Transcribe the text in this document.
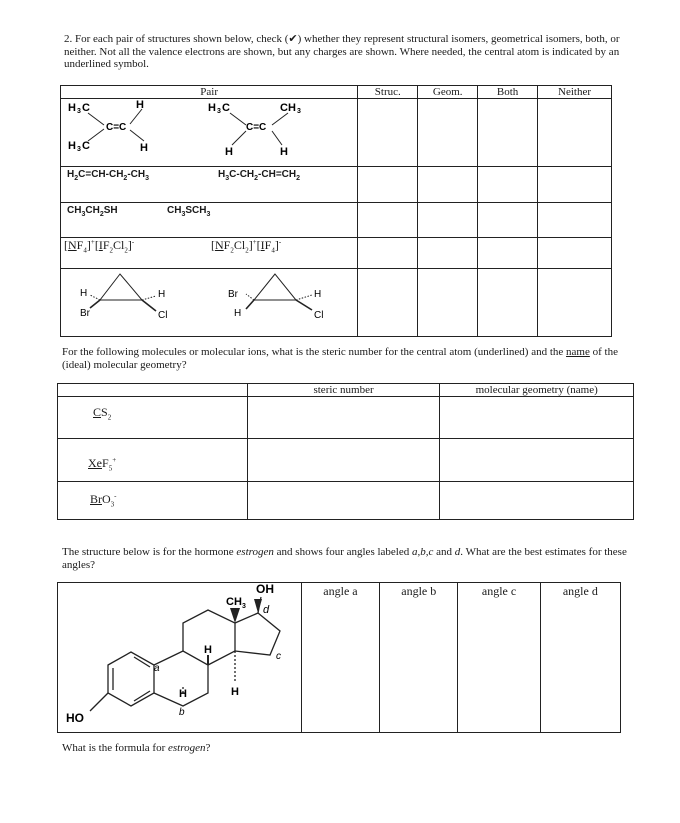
2. For each pair of structures shown below, check (✔) whether they represent structural isomers, geometrical isomers, both, or neither. Not all the valence electrons are shown, but any charges are shown. Where needed, the central atom is indicated by an underlined symbol.
Pair	Struc.	Geom.	Both	Neither

H 3 C	H
C=C
H 3 C	H
H 3 C	CH 3
C=C
H	H
$H_2C=CH-CH_2-CH_3$	$H_3C-CH_2-CH=CH_2$
$CH_3CH_2SH$	$CH_3SCH_3$
$[NF_4]^+[IF_2Cl_2]^-$	$[NF_2Cl_2]^+[IF_4]^-$
H
Br
H
Cl
Br
H
H
Cl
For the following molecules or molecular ions, what is the steric number for the central atom (underlined) and the name of the (ideal) molecular geometry?
	steric number	molecular geometry (name)

$CS_2$

XeF$_5$+

BrO$_3$-

The structure below is for the hormone estrogen and shows four angles labeled a,b,c and d. What are the best estimates for these angles?

angle a	angle b	angle c	angle d
OH
CH 3 d
c
a
b
H
H	H
HO
What is the formula for estrogen?
